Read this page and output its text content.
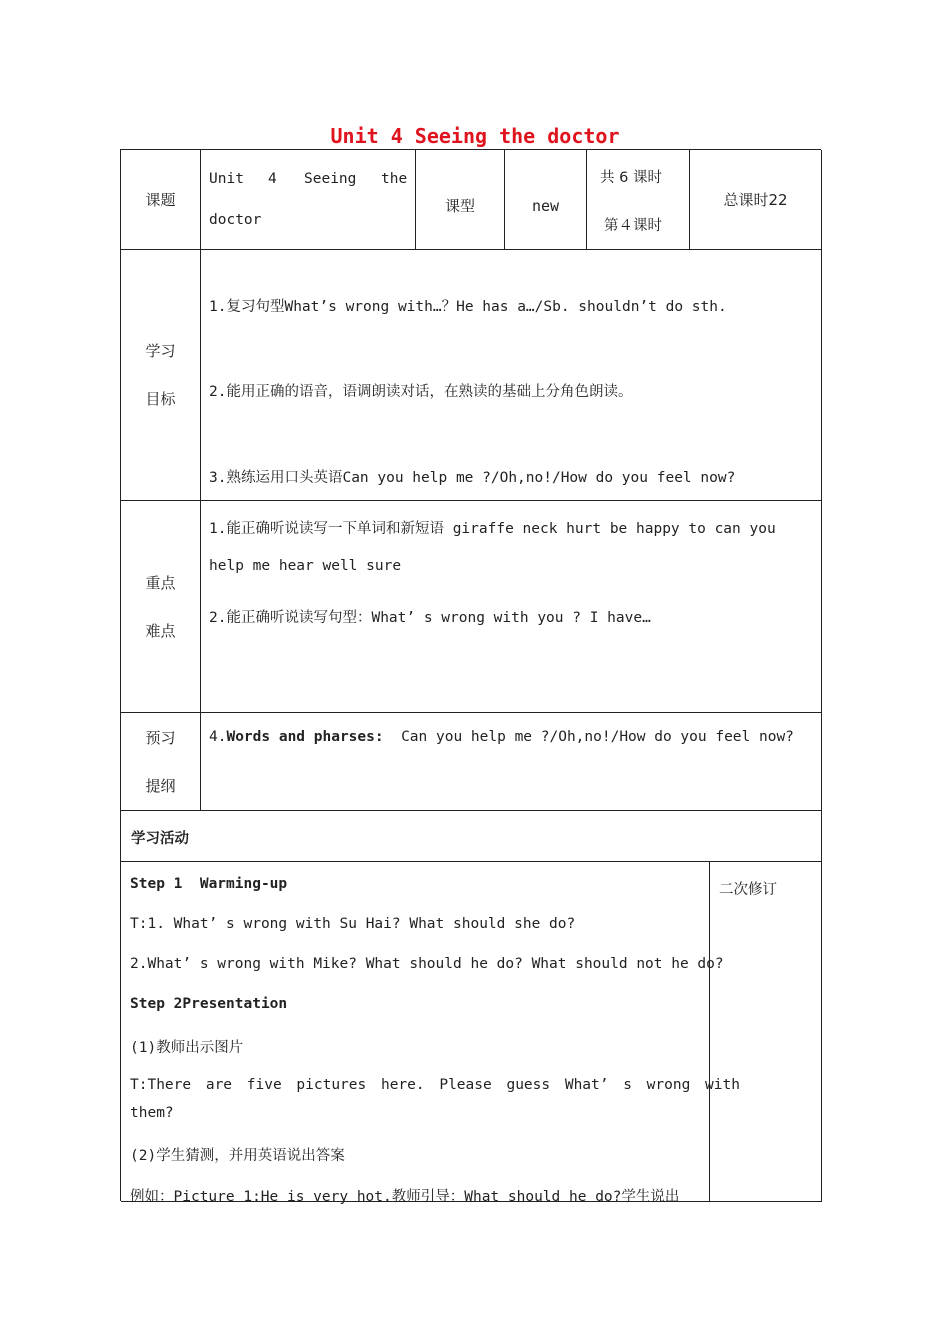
Unit 4 Seeing the doctor
课题
Unit 4 Seeing the
doctor
课型	new
共 6 课时
第４课时
总课时22
学习
目标
1.复习句型What’s wrong with…？He has a…/Sb. shouldn’t do sth.
2.能用正确的语音，语调朗读对话，在熟读的基础上分角色朗读。
3.熟练运用口头英语Can you help me ?/Oh,no!/How do you feel now?
重点
难点
1.能正确听说读写一下单词和新短语 giraffe neck hurt be happy to can you
help me hear well sure
2.能正确听说读写句型：What’ s wrong with you ? I have…
预习
提纲
4.Words and pharses: Can you help me ?/Oh,no!/How do you feel now?
学习活动
Step 1  Warming-up
T:1. What’ s wrong with Su Hai? What should she do?
2.What’ s wrong with Mike? What should he do? What should not he do?
Step 2Presentation
(1)教师出示图片
T:There are five pictures here. Please guess What’ s wrong with
them?
(2)学生猜测，并用英语说出答案
例如：Picture 1:He is very hot.教师引导：What should he do?学生说出
二次修订
